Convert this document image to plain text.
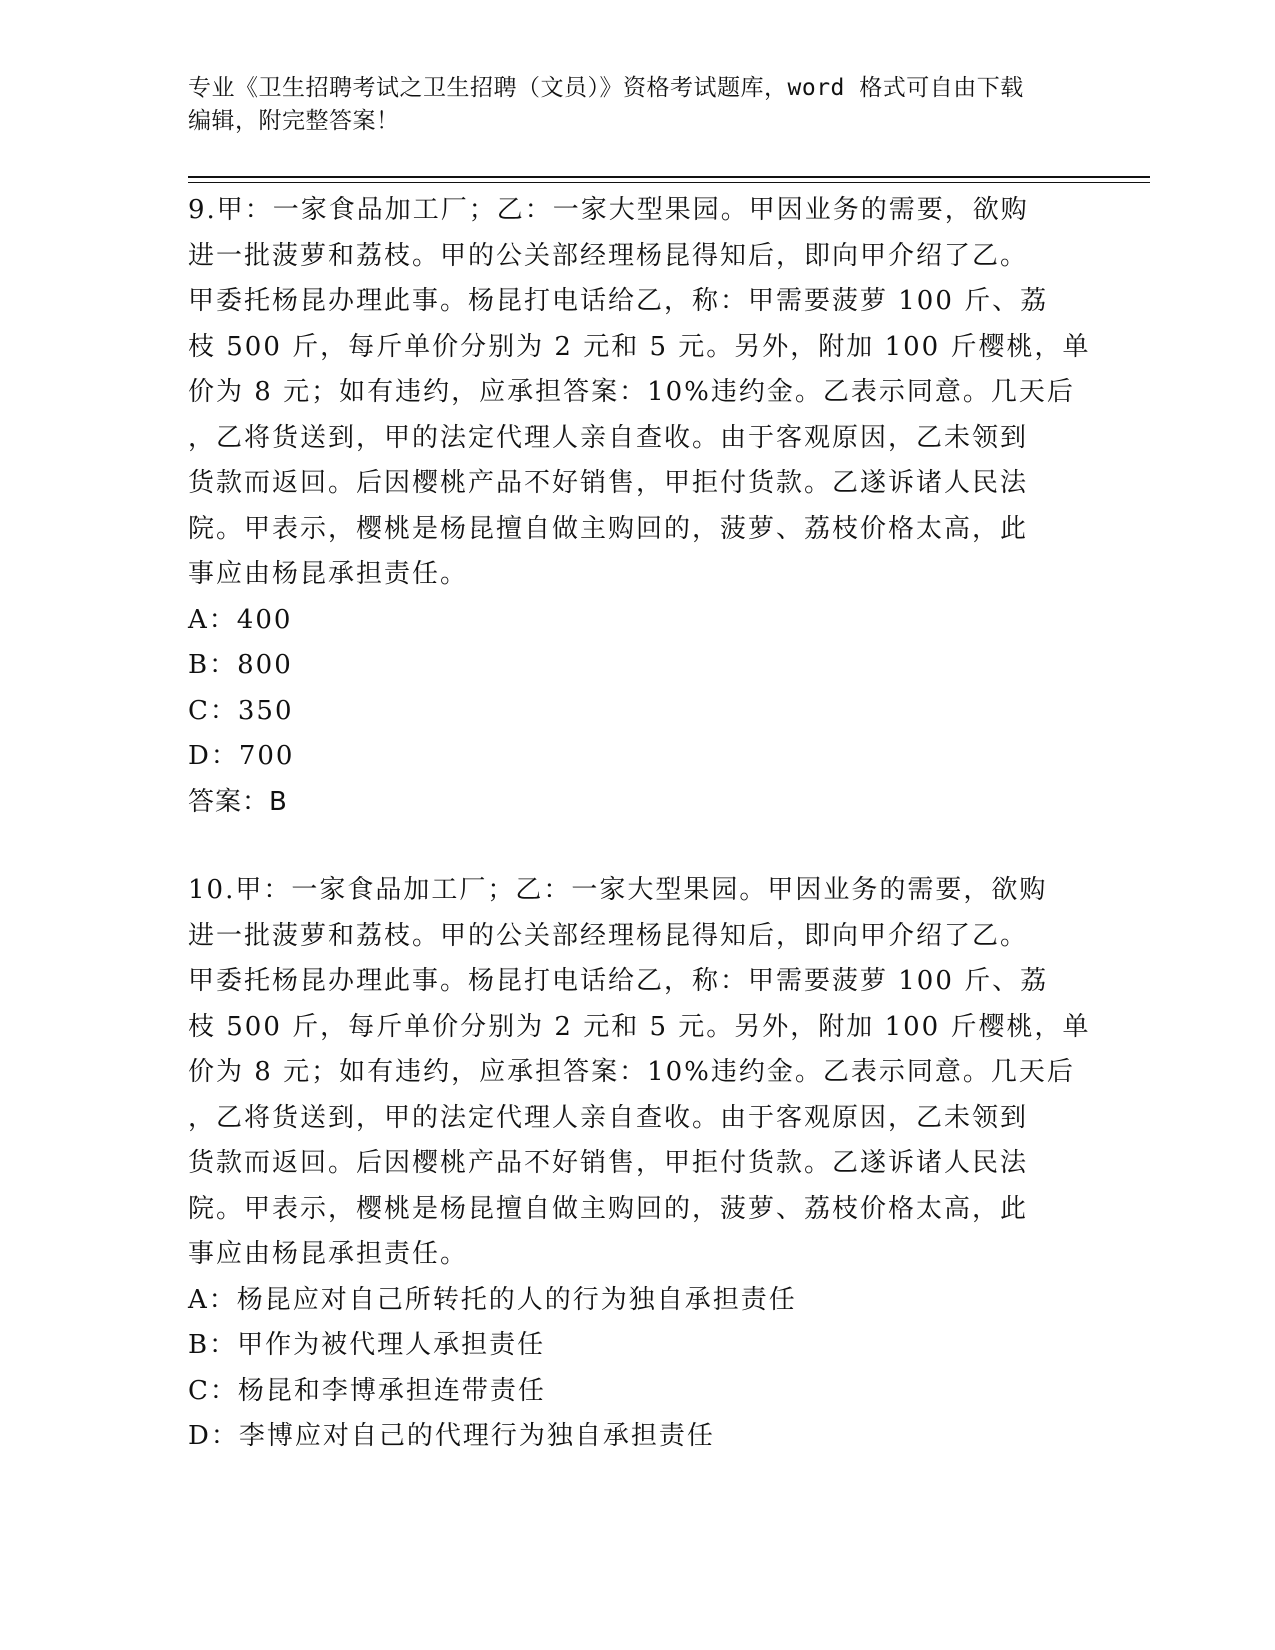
专业《卫生招聘考试之卫生招聘（文员）》资格考试题库，word 格式可自由下载
编辑，附完整答案！
9.甲：一家食品加工厂；乙：一家大型果园。甲因业务的需要，欲购
进一批菠萝和荔枝。甲的公关部经理杨昆得知后，即向甲介绍了乙。
甲委托杨昆办理此事。杨昆打电话给乙，称：甲需要菠萝 100 斤、荔
枝 500 斤，每斤单价分别为 2 元和 5 元。另外，附加 100 斤樱桃，单
价为 8 元；如有违约，应承担答案：10%违约金。乙表示同意。几天后
，乙将货送到，甲的法定代理人亲自查收。由于客观原因，乙未领到
货款而返回。后因樱桃产品不好销售，甲拒付货款。乙遂诉诸人民法
院。甲表示，樱桃是杨昆擅自做主购回的，菠萝、荔枝价格太高，此
事应由杨昆承担责任。
A：400
B：800
C：350
D：700
答案：B
10.甲：一家食品加工厂；乙：一家大型果园。甲因业务的需要，欲购
进一批菠萝和荔枝。甲的公关部经理杨昆得知后，即向甲介绍了乙。
甲委托杨昆办理此事。杨昆打电话给乙，称：甲需要菠萝 100 斤、荔
枝 500 斤，每斤单价分别为 2 元和 5 元。另外，附加 100 斤樱桃，单
价为 8 元；如有违约，应承担答案：10%违约金。乙表示同意。几天后
，乙将货送到，甲的法定代理人亲自查收。由于客观原因，乙未领到
货款而返回。后因樱桃产品不好销售，甲拒付货款。乙遂诉诸人民法
院。甲表示，樱桃是杨昆擅自做主购回的，菠萝、荔枝价格太高，此
事应由杨昆承担责任。
A：杨昆应对自己所转托的人的行为独自承担责任
B：甲作为被代理人承担责任
C：杨昆和李博承担连带责任
D：李博应对自己的代理行为独自承担责任
